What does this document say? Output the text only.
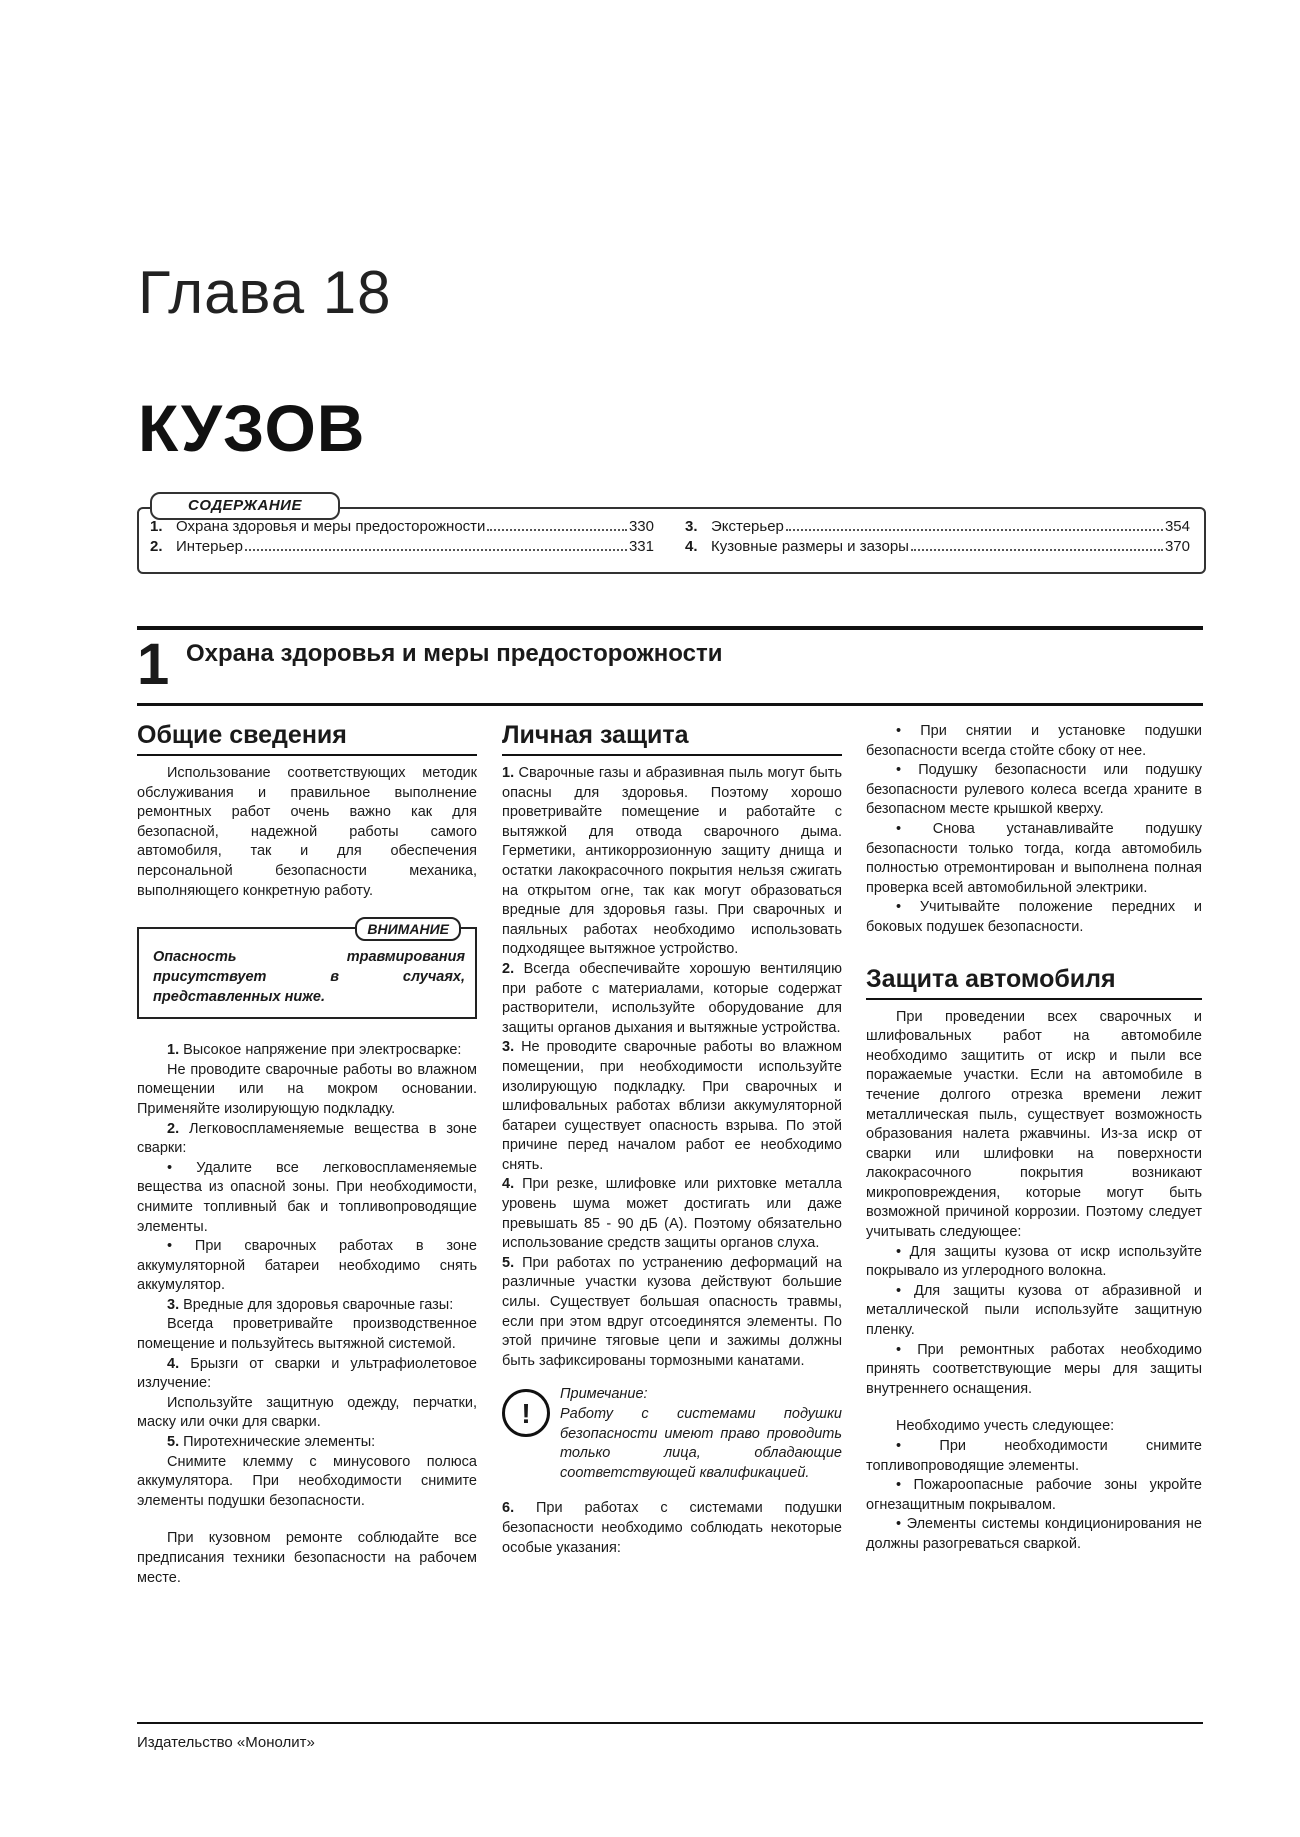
Глава 18
КУЗОВ
СОДЕРЖАНИЕ
1. Охрана здоровья и меры предосторожности	330
2. Интерьер	331
3. Экстерьер	354
4. Кузовные размеры и зазоры	370
1 Охрана здоровья и меры предосторожности
Общие сведения

Использование соответствующих методик обслуживания и правильное выполнение ремонтных работ очень важно как для безопасной, надежной работы самого автомобиля, так и для обеспечения персональной безопасности механика, выполняющего конкретную работу.

ВНИМАНИЕ
Опасность травмирования присутствует в случаях, представленных ниже.

1. Высокое напряжение при электросварке:

Не проводите сварочные работы во влажном помещении или на мокром основании. Применяйте изолирующую подкладку.

2. Легковоспламеняемые вещества в зоне сварки:

• Удалите все легковоспламеняемые вещества из опасной зоны. При необходимости, снимите топливный бак и топливопроводящие элементы.

• При сварочных работах в зоне аккумуляторной батареи необходимо снять аккумулятор.

3. Вредные для здоровья сварочные газы:

Всегда проветривайте производственное помещение и пользуйтесь вытяжной системой.

4. Брызги от сварки и ультрафиолетовое излучение:

Используйте защитную одежду, перчатки, маску или очки для сварки.

5. Пиротехнические элементы:

Снимите клемму с минусового полюса аккумулятора. При необходимости снимите элементы подушки безопасности.

При кузовном ремонте соблюдайте все предписания техники безопасности на рабочем месте.

Личная защита

1. Сварочные газы и абразивная пыль могут быть опасны для здоровья. Поэтому хорошо проветривайте помещение и работайте с вытяжкой для отвода сварочного дыма. Герметики, антикоррозионную защиту днища и остатки лакокрасочного покрытия нельзя сжигать на открытом огне, так как могут образоваться вредные для здоровья газы. При сварочных и паяльных работах необходимо использовать подходящее вытяжное устройство.

2. Всегда обеспечивайте хорошую вентиляцию при работе с материалами, которые содержат растворители, используйте оборудование для защиты органов дыхания и вытяжные устройства.

3. Не проводите сварочные работы во влажном помещении, при необходимости используйте изолирующую подкладку. При сварочных и шлифовальных работах вблизи аккумуляторной батареи существует опасность взрыва. По этой причине перед началом работ ее необходимо снять.

4. При резке, шлифовке или рихтовке металла уровень шума может достигать или даже превышать 85 - 90 дБ (А). Поэтому обязательно использование средств защиты органов слуха.

5. При работах по устранению деформаций на различные участки кузова действуют большие силы. Существует большая опасность травмы, если при этом вдруг отсоединятся элементы. По этой причине тяговые цепи и зажимы должны быть зафиксированы тормозными канатами.

!
Примечание:
Работу с системами подушки безопасности имеют право проводить только лица, обладающие соответствующей квалификацией.

6. При работах с системами подушки безопасности необходимо соблюдать некоторые особые указания:

• При снятии и установке подушки безопасности всегда стойте сбоку от нее.

• Подушку безопасности или подушку безопасности рулевого колеса всегда храните в безопасном месте крышкой кверху.

• Снова устанавливайте подушку безопасности только тогда, когда автомобиль полностью отремонтирован и выполнена полная проверка всей автомобильной электрики.

• Учитывайте положение передних и боковых подушек безопасности.

Защита автомобиля

При проведении всех сварочных и шлифовальных работ на автомобиле необходимо защитить от искр и пыли все поражаемые участки. Если на автомобиле в течение долгого отрезка времени лежит металлическая пыль, существует возможность образования налета ржавчины. Из-за искр от сварки или шлифовки на поверхности лакокрасочного покрытия возникают микроповреждения, которые могут быть возможной причиной коррозии. Поэтому следует учитывать следующее:

• Для защиты кузова от искр используйте покрывало из углеродного волокна.

• Для защиты кузова от абразивной и металлической пыли используйте защитную пленку.

• При ремонтных работах необходимо принять соответствующие меры для защиты внутреннего оснащения.

Необходимо учесть следующее:

• При необходимости снимите топливопроводящие элементы.

• Пожароопасные рабочие зоны укройте огнезащитным покрывалом.

• Элементы системы кондиционирования не должны разогреваться сваркой.

Издательство «Монолит»
